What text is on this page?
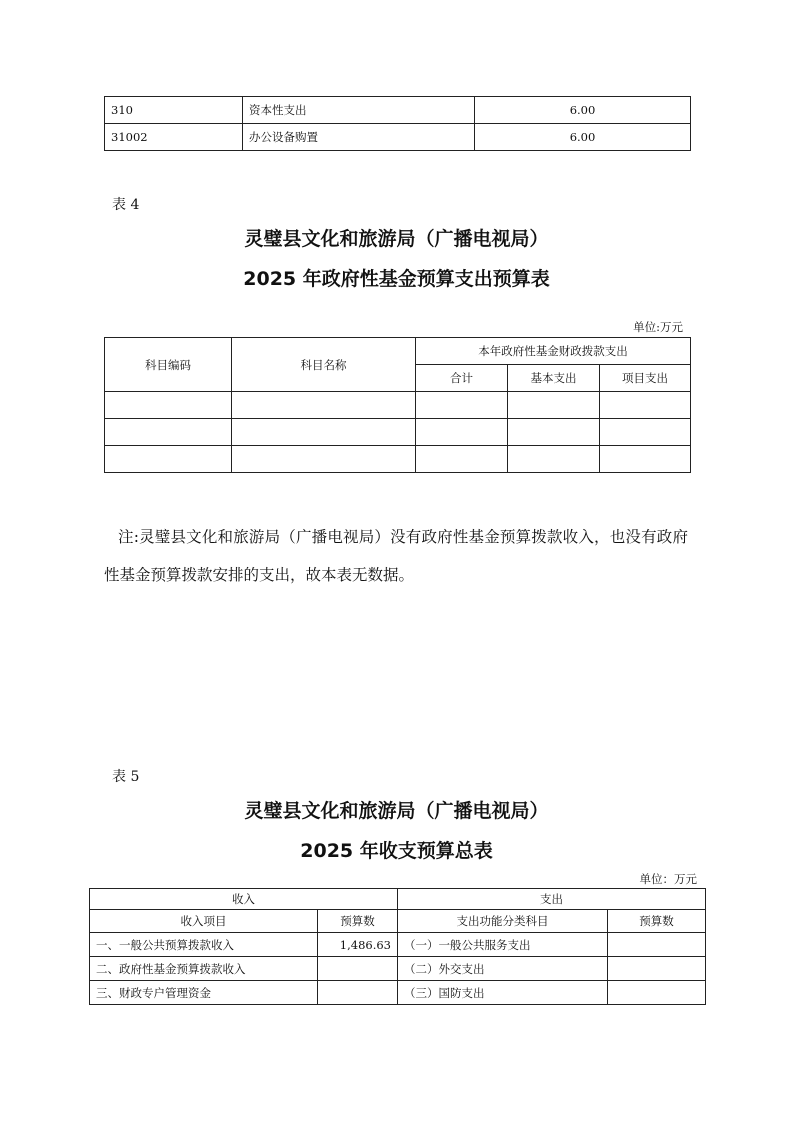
310	资本性支出	6.00
31002	办公设备购置	6.00
表 4
灵璧县文化和旅游局（广播电视局）
2025 年政府性基金预算支出预算表
单位:万元
科目编码	科目名称	本年政府性基金财政拨款支出		
		合计	基本支出	项目支出

注:灵璧县文化和旅游局（广播电视局）没有政府性基金预算拨款收入，也没有政府性基金预算拨款安排的支出，故本表无数据。
表 5
灵璧县文化和旅游局（广播电视局）
2025 年收支预算总表
单位：万元
收入		支出	
收入项目	预算数	支出功能分类科目	预算数
一、一般公共预算拨款收入	1,486.63	（一）一般公共服务支出	
二、政府性基金预算拨款收入		（二）外交支出	
三、财政专户管理资金		（三）国防支出	
